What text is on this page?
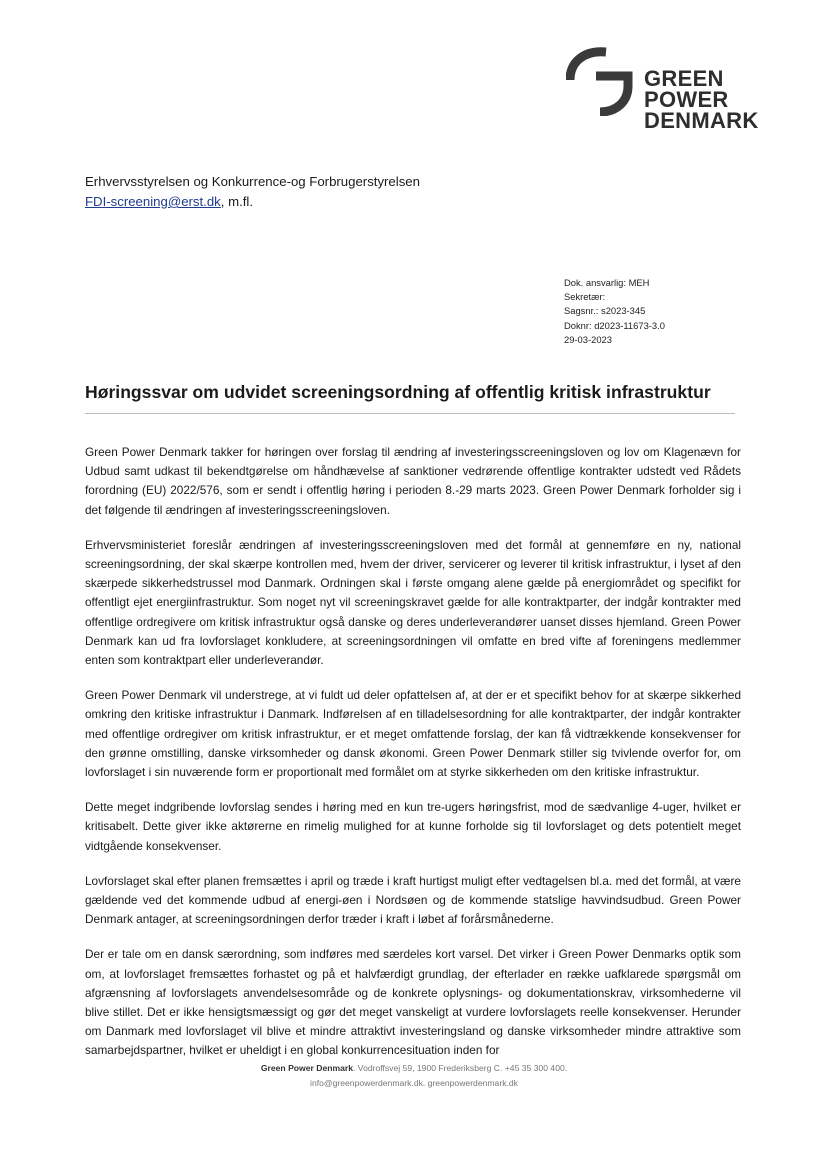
GREEN
POWER
DENMARK
Erhvervsstyrelsen og Konkurrence-og Forbrugerstyrelsen
FDI-screening@erst.dk, m.fl.
Dok. ansvarlig: MEH
Sekretær:
Sagsnr.: s2023-345
Doknr: d2023-11673-3.0
29-03-2023
Høringssvar om udvidet screeningsordning af offentlig kritisk infrastruktur

Green Power Denmark takker for høringen over forslag til ændring af investeringsscreeningsloven og lov om Klagenævn for Udbud samt udkast til bekendtgørelse om håndhævelse af sanktioner vedrørende offentlige kontrakter udstedt ved Rådets forordning (EU) 2022/576, som er sendt i offentlig høring i perioden 8.-29 marts 2023. Green Power Denmark forholder sig i det følgende til ændringen af investeringsscreeningsloven.

Erhvervsministeriet foreslår ændringen af investeringsscreeningsloven med det formål at gennemføre en ny, national screeningsordning, der skal skærpe kontrollen med, hvem der driver, servicerer og leverer til kritisk infrastruktur, i lyset af den skærpede sikkerhedstrussel mod Danmark. Ordningen skal i første omgang alene gælde på energiområdet og specifikt for offentligt ejet energiinfrastruktur. Som noget nyt vil screeningskravet gælde for alle kontraktparter, der indgår kontrakter med offentlige ordregivere om kritisk infrastruktur også danske og deres underleverandører uanset disses hjemland. Green Power Denmark kan ud fra lovforslaget konkludere, at screeningsordningen vil omfatte en bred vifte af foreningens medlemmer enten som kontraktpart eller underleverandør.

Green Power Denmark vil understrege, at vi fuldt ud deler opfattelsen af, at der er et specifikt behov for at skærpe sikkerhed omkring den kritiske infrastruktur i Danmark. Indførelsen af en tilladelsesordning for alle kontraktparter, der indgår kontrakter med offentlige ordregiver om kritisk infrastruktur, er et meget omfattende forslag, der kan få vidtrækkende konsekvenser for den grønne omstilling, danske virksomheder og dansk økonomi. Green Power Denmark stiller sig tvivlende overfor for, om lovforslaget i sin nuværende form er proportionalt med formålet om at styrke sikkerheden om den kritiske infrastruktur.

Dette meget indgribende lovforslag sendes i høring med en kun tre-ugers høringsfrist, mod de sædvanlige 4-uger, hvilket er kritisabelt. Dette giver ikke aktørerne en rimelig mulighed for at kunne forholde sig til lovforslaget og dets potentielt meget vidtgående konsekvenser.

Lovforslaget skal efter planen fremsættes i april og træde i kraft hurtigst muligt efter vedtagelsen bl.a. med det formål, at være gældende ved det kommende udbud af energi-øen i Nordsøen og de kommende statslige havvindsudbud. Green Power Denmark antager, at screeningsordningen derfor træder i kraft i løbet af forårsmånederne.

Der er tale om en dansk særordning, som indføres med særdeles kort varsel. Det virker i Green Power Denmarks optik som om, at lovforslaget fremsættes forhastet og på et halvfærdigt grundlag, der efterlader en række uafklarede spørgsmål om afgrænsning af lovforslagets anvendelsesområde og de konkrete oplysnings- og dokumentationskrav, virksomhederne vil blive stillet. Det er ikke hensigtsmæssigt og gør det meget vanskeligt at vurdere lovforslagets reelle konsekvenser. Herunder om Danmark med lovforslaget vil blive et mindre attraktivt investeringsland og danske virksomheder mindre attraktive som samarbejdspartner, hvilket er uheldigt i en global konkurrencesituation inden for

Green Power Denmark. Vodroffsvej 59, 1900 Frederiksberg C. +45 35 300 400.
info@greenpowerdenmark.dk. greenpowerdenmark.dk
